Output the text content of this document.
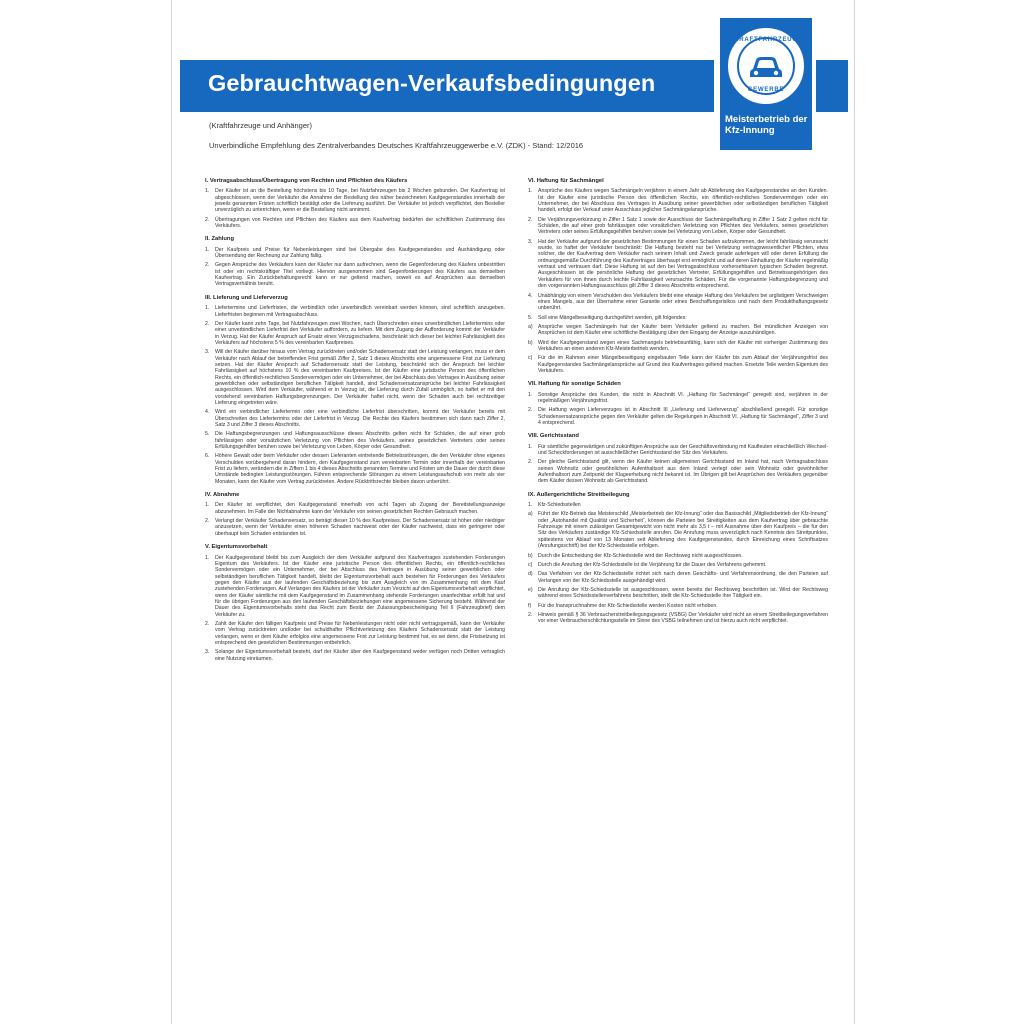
Gebrauchtwagen-Verkaufsbedingungen
KRAFTFAHRZEUG
GEWERBE
Meisterbetrieb der Kfz-Innung
(Kraftfahrzeuge und Anhänger)
Unverbindliche Empfehlung des Zentralverbandes Deutsches Kraftfahrzeuggewerbe e.V. (ZDK) - Stand: 12/2016
I. Vertragsabschluss/Übertragung von Rechten und Pflichten des Käufers
1.	Der Käufer ist an die Bestellung höchstens bis 10 Tage, bei Nutzfahrzeugen bis 2 Wochen gebunden. Der Kaufvertrag ist abgeschlossen, wenn der Verkäufer die Annahme der Bestellung des näher bezeichneten Kaufgegenstandes innerhalb der jeweils genannten Fristen schriftlich bestätigt oder die Lieferung ausführt. Der Verkäufer ist jedoch verpflichtet, den Besteller unverzüglich zu unterrichten, wenn er die Bestellung nicht annimmt.
2.	Übertragungen von Rechten und Pflichten des Käufers aus dem Kaufvertrag bedürfen der schriftlichen Zustimmung des Verkäufers.
II. Zahlung
1.	Der Kaufpreis und Preise für Nebenleistungen sind bei Übergabe des Kaufgegenstandes und Aushändigung oder Übersendung der Rechnung zur Zahlung fällig.
2.	Gegen Ansprüche des Verkäufers kann der Käufer nur dann aufrechnen, wenn die Gegenforderung des Käufers unbestritten ist oder ein rechtskräftiger Titel vorliegt. Hiervon ausgenommen sind Gegenforderungen des Käufers aus demselben Kaufvertrag. Ein Zurückbehaltungsrecht kann er nur geltend machen, soweit es auf Ansprüchen aus demselben Vertragsverhältnis beruht.
III. Lieferung und Lieferverzug
1.	Liefertermine und Lieferfristen, die verbindlich oder unverbindlich vereinbart werden können, sind schriftlich anzugeben. Lieferfristen beginnen mit Vertragsabschluss.
2.	Der Käufer kann zehn Tage, bei Nutzfahrzeugen zwei Wochen, nach Überschreiten eines unverbindlichen Liefertermins oder einer unverbindlichen Lieferfrist den Verkäufer auffordern, zu liefern. Mit dem Zugang der Aufforderung kommt der Verkäufer in Verzug. Hat der Käufer Anspruch auf Ersatz eines Verzugsschadens, beschränkt sich dieser bei leichter Fahrlässigkeit des Verkäufers auf höchstens 5 % des vereinbarten Kaufpreises.
3.	Will der Käufer darüber hinaus vom Vertrag zurücktreten und/oder Schadensersatz statt der Leistung verlangen, muss er dem Verkäufer nach Ablauf der betreffenden Frist gemäß Ziffer 2, Satz 1 dieses Abschnitts eine angemessene Frist zur Lieferung setzen. Hat der Käufer Anspruch auf Schadensersatz statt der Leistung, beschränkt sich der Anspruch bei leichter Fahrlässigkeit auf höchstens 10 % des vereinbarten Kaufpreises. Ist der Käufer eine juristische Person des öffentlichen Rechts, ein öffentlich-rechtliches Sondervermögen oder ein Unternehmer, der bei Abschluss des Vertrages in Ausübung seiner gewerblichen oder selbständigen beruflichen Tätigkeit handelt, sind Schadensersatzansprüche bei leichter Fahrlässigkeit ausgeschlossen. Wird dem Verkäufer, während er in Verzug ist, die Lieferung durch Zufall unmöglich, so haftet er mit den vorstehend vereinbarten Haftungsbegrenzungen. Der Verkäufer haftet nicht, wenn der Schaden auch bei rechtzeitiger Lieferung eingetreten wäre.
4.	Wird ein verbindlicher Liefertermin oder eine verbindliche Lieferfrist überschritten, kommt der Verkäufer bereits mit Überschreiten des Liefertermins oder der Lieferfrist in Verzug. Die Rechte des Käufers bestimmen sich dann nach Ziffer 2, Satz 3 und Ziffer 3 dieses Abschnitts.
5.	Die Haftungsbegrenzungen und Haftungsausschlüsse dieses Abschnitts gelten nicht für Schäden, die auf einer grob fahrlässigen oder vorsätzlichen Verletzung von Pflichten des Verkäufers, seines gesetzlichen Vertreters oder seines Erfüllungsgehilfen beruhen sowie bei Verletzung von Leben, Körper oder Gesundheit.
6.	Höhere Gewalt oder beim Verkäufer oder dessen Lieferanten eintretende Betriebsstörungen, die den Verkäufer ohne eigenes Verschulden vorübergehend daran hindern, den Kaufgegenstand zum vereinbarten Termin oder innerhalb der vereinbarten Frist zu liefern, verändern die in Ziffern 1 bis 4 dieses Abschnitts genannten Termine und Fristen um die Dauer der durch diese Umstände bedingten Leistungsstörungen. Führen entsprechende Störungen zu einem Leistungsaufschub von mehr als vier Monaten, kann der Käufer vom Vertrag zurücktreten. Andere Rücktrittsrechte bleiben davon unberührt.
IV. Abnahme
1.	Der Käufer ist verpflichtet, den Kaufgegenstand innerhalb von acht Tagen ab Zugang der Bereitstellungsanzeige abzunehmen. Im Falle der Nichtabnahme kann der Verkäufer von seinen gesetzlichen Rechten Gebrauch machen.
2.	Verlangt der Verkäufer Schadensersatz, so beträgt dieser 10 % des Kaufpreises. Der Schadensersatz ist höher oder niedriger anzusetzen, wenn der Verkäufer einen höheren Schaden nachweist oder der Käufer nachweist, dass ein geringerer oder überhaupt kein Schaden entstanden ist.
V. Eigentumsvorbehalt
1.	Der Kaufgegenstand bleibt bis zum Ausgleich der dem Verkäufer aufgrund des Kaufvertrages zustehenden Forderungen Eigentum des Verkäufers. Ist der Käufer eine juristische Person des öffentlichen Rechts, ein öffentlich-rechtliches Sondervermögen oder ein Unternehmer, der bei Abschluss des Vertrages in Ausübung seiner gewerblichen oder selbständigen beruflichen Tätigkeit handelt, bleibt der Eigentumsvorbehalt auch bestehen für Forderungen des Verkäufers gegen den Käufer aus der laufenden Geschäftsbeziehung bis zum Ausgleich von im Zusammenhang mit dem Kauf zustehenden Forderungen. Auf Verlangen des Käufers ist der Verkäufer zum Verzicht auf den Eigentumsvorbehalt verpflichtet, wenn der Käufer sämtliche mit dem Kaufgegenstand im Zusammenhang stehende Forderungen unanfechtbar erfüllt hat und für die übrigen Forderungen aus den laufenden Geschäftsbeziehungen eine angemessene Sicherung besteht. Während der Dauer des Eigentumsvorbehalts steht das Recht zum Besitz der Zulassungsbescheinigung Teil II (Fahrzeugbrief) dem Verkäufer zu.
2.	Zahlt der Käufer den fälligen Kaufpreis und Preise für Nebenleistungen nicht oder nicht vertragsgemäß, kann der Verkäufer vom Vertrag zurücktreten und/oder bei schuldhafter Pflichtverletzung des Käufers Schadensersatz statt der Leistung verlangen, wenn er dem Käufer erfolglos eine angemessene Frist zur Leistung bestimmt hat, es sei denn, die Fristsetzung ist entsprechend den gesetzlichen Bestimmungen entbehrlich.
3.	Solange der Eigentumsvorbehalt besteht, darf der Käufer über den Kaufgegenstand weder verfügen noch Dritten vertraglich eine Nutzung einräumen.
VI. Haftung für Sachmängel
1.	Ansprüche des Käufers wegen Sachmängeln verjähren in einem Jahr ab Ablieferung des Kaufgegenstandes an den Kunden. Ist der Käufer eine juristische Person des öffentlichen Rechts, ein öffentlich-rechtliches Sondervermögen oder ein Unternehmer, der bei Abschluss des Vertrages in Ausübung seiner gewerblichen oder selbständigen beruflichen Tätigkeit handelt, erfolgt der Verkauf unter Ausschluss jeglicher Sachmängelansprüche.
2.	Die Verjährungsverkürzung in Ziffer 1 Satz 1 sowie der Ausschluss der Sachmängelhaftung in Ziffer 1 Satz 2 gelten nicht für Schäden, die auf einer grob fahrlässigen oder vorsätzlichen Verletzung von Pflichten des Verkäufers, seines gesetzlichen Vertreters oder seines Erfüllungsgehilfen beruhen sowie bei Verletzung von Leben, Körper oder Gesundheit.
3.	Hat der Verkäufer aufgrund der gesetzlichen Bestimmungen für einen Schaden aufzukommen, der leicht fahrlässig verursacht wurde, so haftet der Verkäufer beschränkt: Die Haftung besteht nur bei Verletzung vertragswesentlicher Pflichten, etwa solcher, die der Kaufvertrag dem Verkäufer nach seinem Inhalt und Zweck gerade auferlegen will oder deren Erfüllung die ordnungsgemäße Durchführung des Kaufvertrages überhaupt erst ermöglicht und auf deren Einhaltung der Käufer regelmäßig vertraut und vertrauen darf. Diese Haftung ist auf den bei Vertragsabschluss vorhersehbaren typischen Schaden begrenzt. Ausgeschlossen ist die persönliche Haftung der gesetzlichen Vertreter, Erfüllungsgehilfen und Betriebsangehörigen des Verkäufers für von ihnen durch leichte Fahrlässigkeit verursachte Schäden. Für die vorgenannte Haftungsbegrenzung und den vorgenannten Haftungsausschluss gilt Ziffer 3 dieses Abschnitts entsprechend.
4.	Unabhängig von einem Verschulden des Verkäufers bleibt eine etwaige Haftung des Verkäufers bei arglistigem Verschweigen eines Mangels, aus der Übernahme einer Garantie oder eines Beschaffungsrisikos und nach dem Produkthaftungsgesetz unberührt.
5.	Soll eine Mängelbeseitigung durchgeführt werden, gilt folgendes:
a)	Ansprüche wegen Sachmängeln hat der Käufer beim Verkäufer geltend zu machen. Bei mündlichen Anzeigen von Ansprüchen ist dem Käufer eine schriftliche Bestätigung über den Eingang der Anzeige auszuhändigen.
b)	Wird der Kaufgegenstand wegen eines Sachmangels betriebsunfähig, kann sich der Käufer mit vorheriger Zustimmung des Verkäufers an einen anderen Kfz-Meisterbetrieb wenden.
c)	Für die im Rahmen einer Mängelbeseitigung eingebauten Teile kann der Käufer bis zum Ablauf der Verjährungsfrist des Kaufgegenstandes Sachmängelansprüche auf Grund des Kaufvertrages geltend machen. Ersetzte Teile werden Eigentum des Verkäufers.
VII. Haftung für sonstige Schäden
1.	Sonstige Ansprüche des Kunden, die nicht in Abschnitt VI. „Haftung für Sachmängel“ geregelt sind, verjähren in der regelmäßigen Verjährungsfrist.
2.	Die Haftung wegen Lieferverzuges ist in Abschnitt III „Lieferung und Lieferverzug“ abschließend geregelt. Für sonstige Schadensersatzansprüche gegen den Verkäufer gelten die Regelungen in Abschnitt VI. „Haftung für Sachmängel“, Ziffer 3 und 4 entsprechend.
VIII. Gerichtsstand
1.	Für sämtliche gegenwärtigen und zukünftigen Ansprüche aus der Geschäftsverbindung mit Kaufleuten einschließlich Wechsel- und Scheckforderungen ist ausschließlicher Gerichtsstand der Sitz des Verkäufers.
2.	Der gleiche Gerichtsstand gilt, wenn der Käufer keinen allgemeinen Gerichtsstand im Inland hat, nach Vertragsabschluss seinen Wohnsitz oder gewöhnlichen Aufenthaltsort aus dem Inland verlegt oder sein Wohnsitz oder gewöhnlicher Aufenthaltsort zum Zeitpunkt der Klageerhebung nicht bekannt ist. Im Übrigen gilt bei Ansprüchen des Verkäufers gegenüber dem Käufer dessen Wohnsitz als Gerichtsstand.
IX. Außergerichtliche Streitbeilegung
1.	Kfz-Schiedsstellen
a)	Führt der Kfz-Betrieb das Meisterschild „Meisterbetrieb der Kfz-Innung“ oder das Basisschild „Mitgliedsbetrieb der Kfz-Innung“ oder „Autohandel mit Qualität und Sicherheit“, können die Parteien bei Streitigkeiten aus dem Kaufvertrag über gebrauchte Fahrzeuge mit einem zulässigen Gesamtgewicht von nicht mehr als 3,5 t – mit Ausnahme über den Kaufpreis – die für den Sitz des Verkäufers zuständige Kfz-Schiedsstelle anrufen. Die Anrufung muss unverzüglich nach Kenntnis des Streitpunktes, spätestens vor Ablauf von 13 Monaten seit Ablieferung des Kaufgegenstandes, durch Einreichung eines Schriftsatzes (Anrufungsschrift) bei der Kfz-Schiedsstelle erfolgen.
b)	Durch die Entscheidung der Kfz-Schiedsstelle wird der Rechtsweg nicht ausgeschlossen.
c)	Durch die Anrufung der Kfz-Schiedsstelle ist die Verjährung für die Dauer des Verfahrens gehemmt.
d)	Das Verfahren vor der Kfz-Schiedsstelle richtet sich nach deren Geschäfts- und Verfahrensordnung, die den Parteien auf Verlangen von der Kfz-Schiedsstelle ausgehändigt wird.
e)	Die Anrufung der Kfz-Schiedsstelle ist ausgeschlossen, wenn bereits der Rechtsweg beschritten ist. Wird der Rechtsweg während eines Schiedsstellenverfahrens beschritten, stellt die Kfz-Schiedsstelle ihre Tätigkeit ein.
f)	Für die Inanspruchnahme der Kfz-Schiedsstelle werden Kosten nicht erhoben.
2.	Hinweis gemäß § 36 Verbraucherstreitbeilegungsgesetz (VSBG) Der Verkäufer wird nicht an einem Streitbeilegungsverfahren vor einer Verbraucherschlichtungsstelle im Sinne des VSBG teilnehmen und ist hierzu auch nicht verpflichtet.
